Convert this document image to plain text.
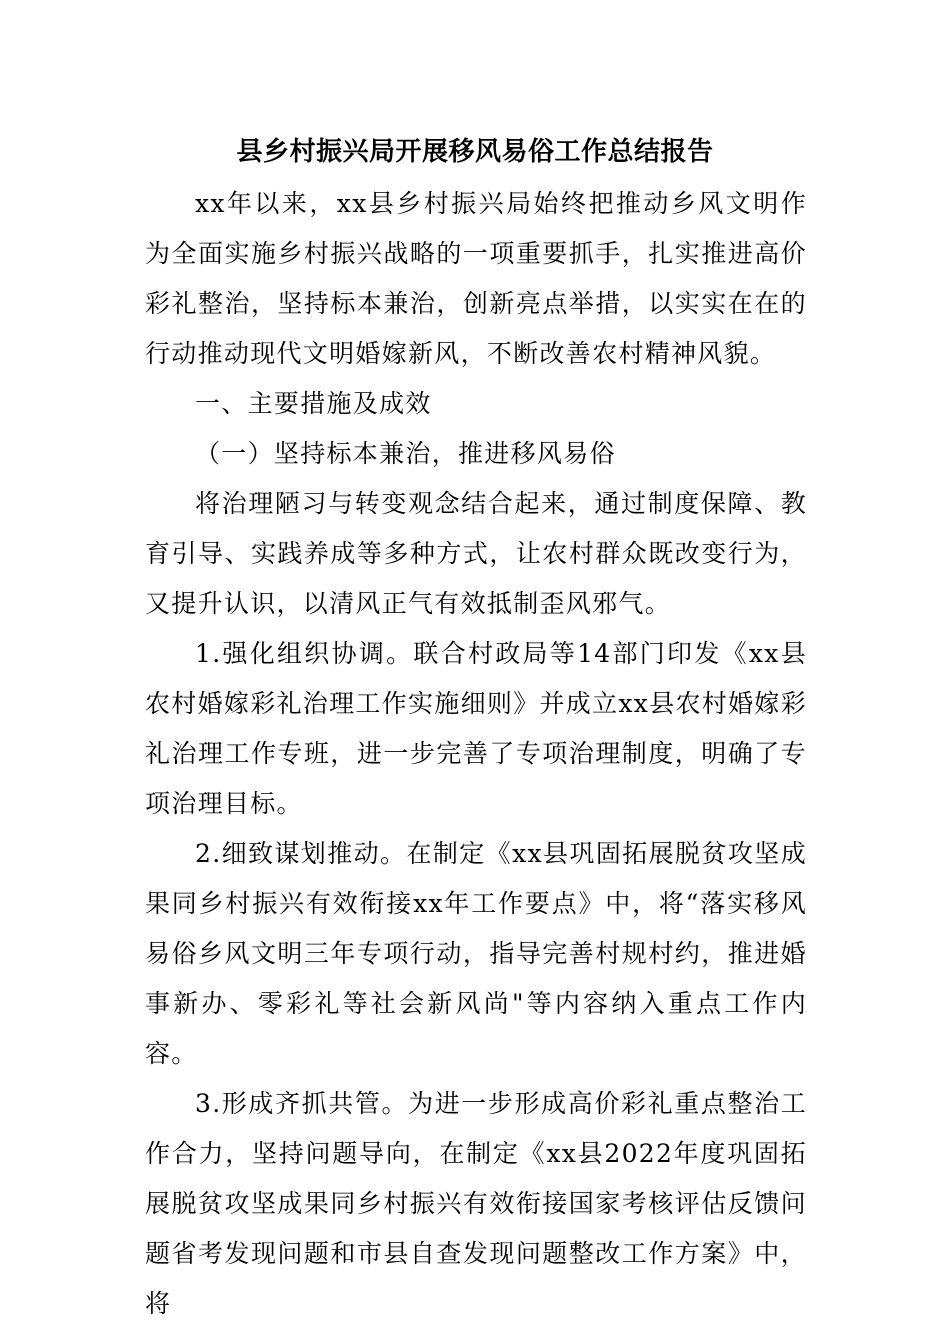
县乡村振兴局开展移风易俗工作总结报告

xx年以来，xx县乡村振兴局始终把推动乡风文明作为全面实施乡村振兴战略的一项重要抓手，扎实推进高价彩礼整治，坚持标本兼治，创新亮点举措，以实实在在的行动推动现代文明婚嫁新风，不断改善农村精神风貌。

一、主要措施及成效

（一）坚持标本兼治，推进移风易俗

将治理陋习与转变观念结合起来，通过制度保障、教育引导、实践养成等多种方式，让农村群众既改变行为，又提升认识，以清风正气有效抵制歪风邪气。

1.强化组织协调。联合村政局等14部门印发《xx县农村婚嫁彩礼治理工作实施细则》并成立xx县农村婚嫁彩礼治理工作专班，进一步完善了专项治理制度，明确了专项治理目标。

2.细致谋划推动。在制定《xx县巩固拓展脱贫攻坚成果同乡村振兴有效衔接xx年工作要点》中，将“落实移风易俗乡风文明三年专项行动，指导完善村规村约，推进婚事新办、零彩礼等社会新风尚"等内容纳入重点工作内容。

3.形成齐抓共管。为进一步形成高价彩礼重点整治工作合力，坚持问题导向，在制定《xx县2022年度巩固拓展脱贫攻坚成果同乡村振兴有效衔接国家考核评估反馈问题省考发现问题和市县自查发现问题整改工作方案》中，将
